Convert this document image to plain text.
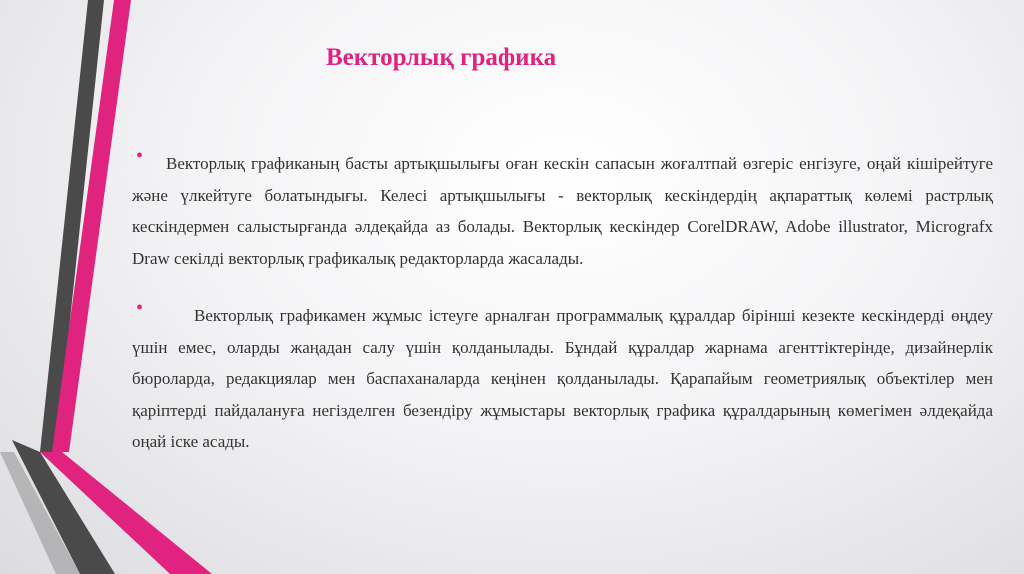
Векторлық графика
•	Векторлық графиканың басты артықшылығы оған кескін сапасын жоғалтпай өзгеріс енгізуге, оңай кішірейтуге және үлкейтуге болатындығы. Келесі артықшылығы - векторлық кескіндердің ақпараттық көлемі растрлық кескіндермен салыстырғанда әлдеқайда аз болады. Векторлық кескіндер CorelDRAW, Adobe illustrator, Micrografx Draw секілді векторлық графикалық редакторларда жасалады.

•	Векторлық графикамен жұмыс істеуге арналған программалық құралдар бірінші кезекте кескіндерді өңдеу үшін емес, оларды жаңадан салу үшін қолданылады. Бұндай құралдар жарнама агенттіктерінде, дизайнерлік бюроларда, редакциялар мен баспаханаларда кеңінен қолданылады. Қарапайым геометриялық объектілер мен қаріптерді пайдалануға негізделген безендіру жұмыстары векторлық графика құралдарының көмегімен әлдеқайда оңай іске асады.
